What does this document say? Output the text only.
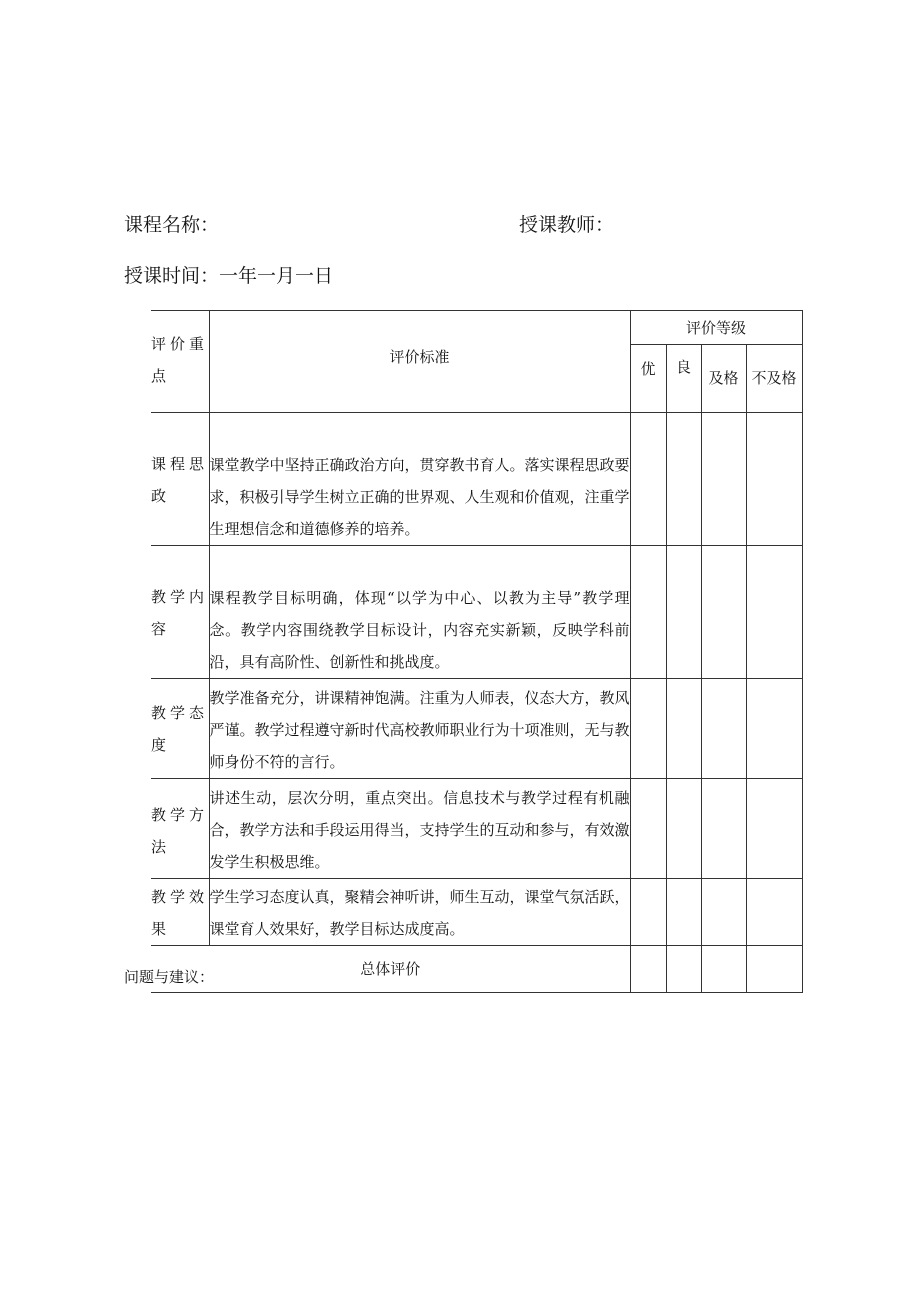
课程名称：	授课教师：
授课时间：一年一月一日
评价重点	评价标准	评价等级			
		优	良	及格	不及格
课程思政	课堂教学中坚持正确政治方向，贯穿教书育人。落实课程思政要求，积极引导学生树立正确的世界观、人生观和价值观，注重学生理想信念和道德修养的培养。				
教学内容	课程教学目标明确，体现“以学为中心、以教为主导”教学理念。教学内容围绕教学目标设计，内容充实新颖，反映学科前沿，具有高阶性、创新性和挑战度。				
教学态度	教学准备充分，讲课精神饱满。注重为人师表，仪态大方，教风严谨。教学过程遵守新时代高校教师职业行为十项准则，无与教师身份不符的言行。				
教学方法	讲述生动，层次分明，重点突出。信息技术与教学过程有机融合，教学方法和手段运用得当，支持学生的互动和参与，有效激发学生积极思维。				
教学效果	学生学习态度认真，聚精会神听讲，师生互动，课堂气氛活跃，课堂育人效果好，教学目标达成度高。				
总体评价					
问题与建议：
